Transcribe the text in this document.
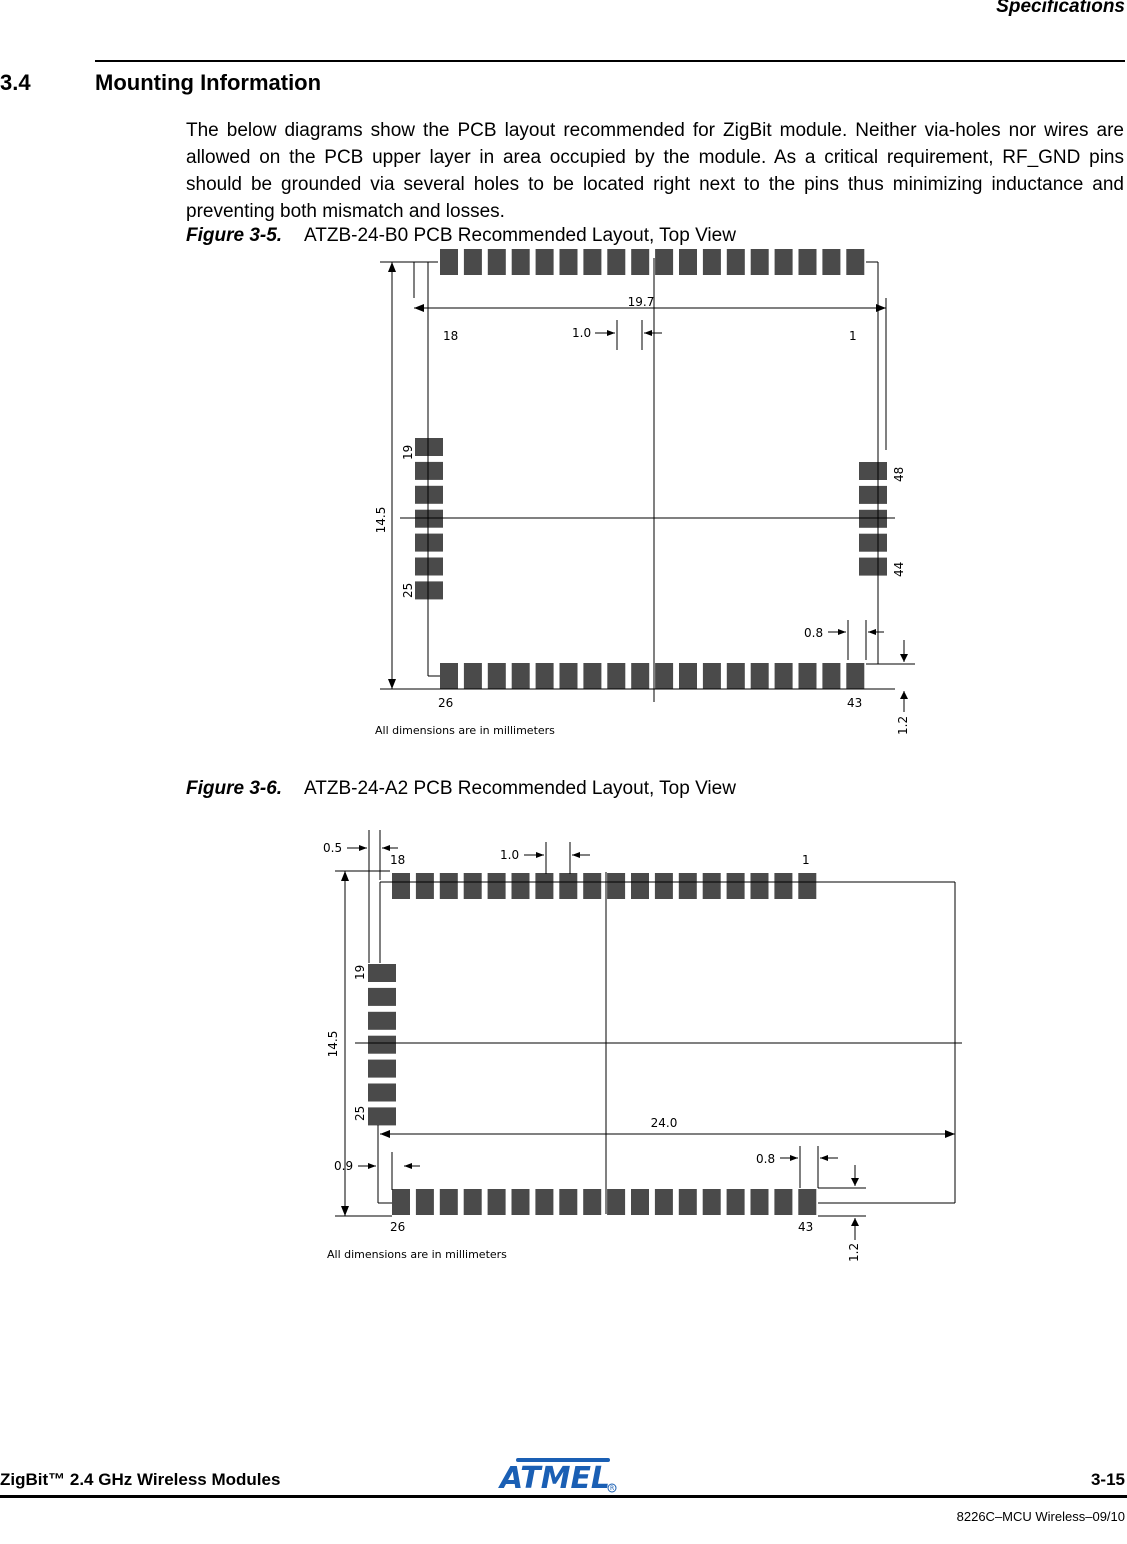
Specifications
3.4	Mounting Information
The below diagrams show the PCB layout recommended for ZigBit module. Neither via-holes nor wires are allowed on the PCB upper layer in area occupied by the module. As a critical requirement, RF_GND pins should be grounded via several holes to be located right next to the pins thus minimizing inductance and preventing both mismatch and losses.
Figure 3-5. ATZB-24-B0 PCB Recommended Layout, Top View
Figure 3-6. ATZB-24-A2 PCB Recommended Layout, Top View
19.7
1.0
18	1
0.8
26	43
All dimensions are in millimeters
14.5
19
25
48
44
1.2
0.5
18	1.0	1
24.0
0.9	0.8
26	43
All dimensions are in millimeters
14.5
19
25
1.2
ATMEL R
ZigBit™ 2.4 GHz Wireless Modules	3-15
8226C–MCU Wireless–09/10
